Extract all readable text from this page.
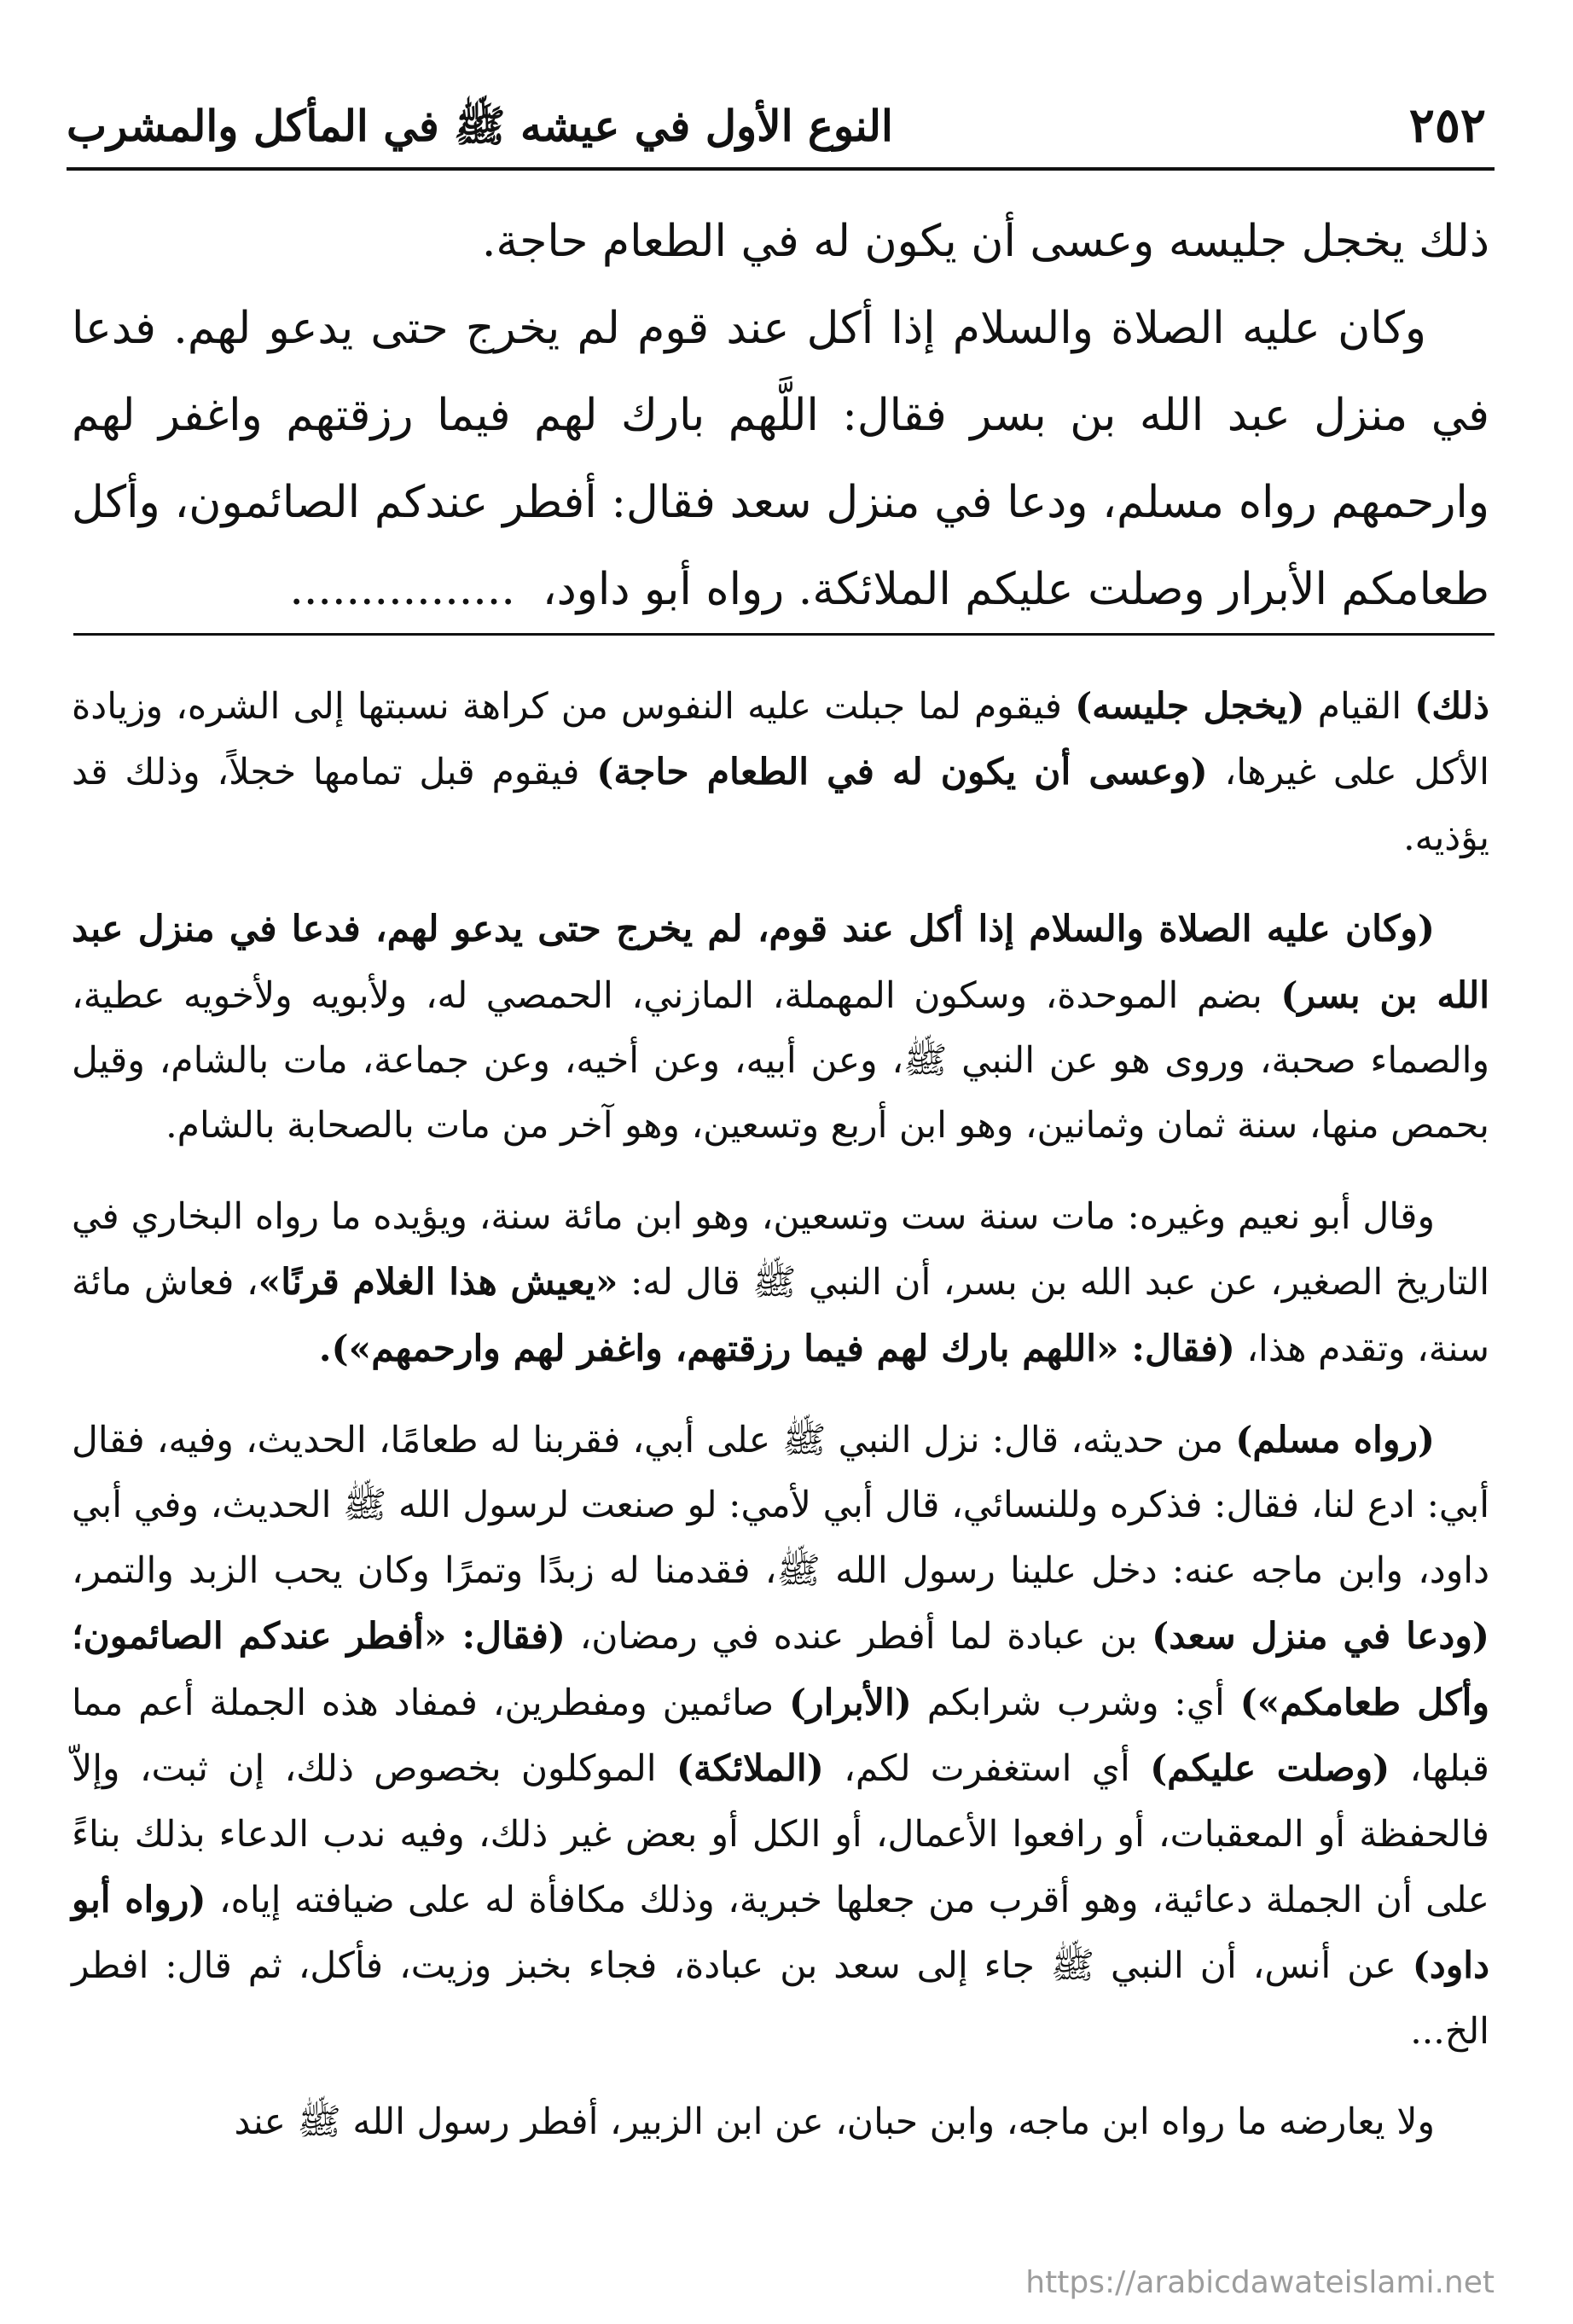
٢٥٢
النوع الأول في عيشه ﷺ في المأكل والمشرب

ذلك يخجل جليسه وعسى أن يكون له في الطعام حاجة.

وكان عليه الصلاة والسلام إذا أكل عند قوم لم يخرج حتى يدعو لهم. فدعا في منزل عبد الله بن بسر فقال: اللَّهم بارك لهم فيما رزقتهم واغفر لهم وارحمهم رواه مسلم، ودعا في منزل سعد فقال: أفطر عندكم الصائمون، وأكل طعامكم الأبرار وصلت عليكم الملائكة. رواه أبو داود،................

ذلك) القيام (يخجل جليسه) فيقوم لما جبلت عليه النفوس من كراهة نسبتها إلى الشره، وزيادة الأكل على غيرها، (وعسى أن يكون له في الطعام حاجة) فيقوم قبل تمامها خجلاً، وذلك قد يؤذيه.

(وكان عليه الصلاة والسلام إذا أكل عند قوم، لم يخرج حتى يدعو لهم، فدعا في منزل عبد الله بن بسر) بضم الموحدة، وسكون المهملة، المازني، الحمصي له، ولأبويه ولأخويه عطية، والصماء صحبة، وروى هو عن النبي ﷺ، وعن أبيه، وعن أخيه، وعن جماعة، مات بالشام، وقيل بحمص منها، سنة ثمان وثمانين، وهو ابن أربع وتسعين، وهو آخر من مات بالصحابة بالشام.

وقال أبو نعيم وغيره: مات سنة ست وتسعين، وهو ابن مائة سنة، ويؤيده ما رواه البخاري في التاريخ الصغير، عن عبد الله بن بسر، أن النبي ﷺ قال له: «يعيش هذا الغلام قرنًا»، فعاش مائة سنة، وتقدم هذا، (فقال: «اللهم بارك لهم فيما رزقتهم، واغفر لهم وارحمهم»).

(رواه مسلم) من حديثه، قال: نزل النبي ﷺ على أبي، فقربنا له طعامًا، الحديث، وفيه، فقال أبي: ادع لنا، فقال: فذكره وللنسائي، قال أبي لأمي: لو صنعت لرسول الله ﷺ الحديث، وفي أبي داود، وابن ماجه عنه: دخل علينا رسول الله ﷺ، فقدمنا له زبدًا وتمرًا وكان يحب الزبد والتمر، (ودعا في منزل سعد) بن عبادة لما أفطر عنده في رمضان، (فقال: «أفطر عندكم الصائمون؛ وأكل طعامكم») أي: وشرب شرابكم (الأبرار) صائمين ومفطرين، فمفاد هذه الجملة أعم مما قبلها، (وصلت عليكم) أي استغفرت لكم، (الملائكة) الموكلون بخصوص ذلك، إن ثبت، وإلاّ فالحفظة أو المعقبات، أو رافعوا الأعمال، أو الكل أو بعض غير ذلك، وفيه ندب الدعاء بذلك بناءً على أن الجملة دعائية، وهو أقرب من جعلها خبرية، وذلك مكافأة له على ضيافته إياه، (رواه أبو داود) عن أنس، أن النبي ﷺ جاء إلى سعد بن عبادة، فجاء بخبز وزيت، فأكل، ثم قال: افطر الخ...

ولا يعارضه ما رواه ابن ماجه، وابن حبان، عن ابن الزبير، أفطر رسول الله ﷺ عند

https://arabicdawateislami.net
